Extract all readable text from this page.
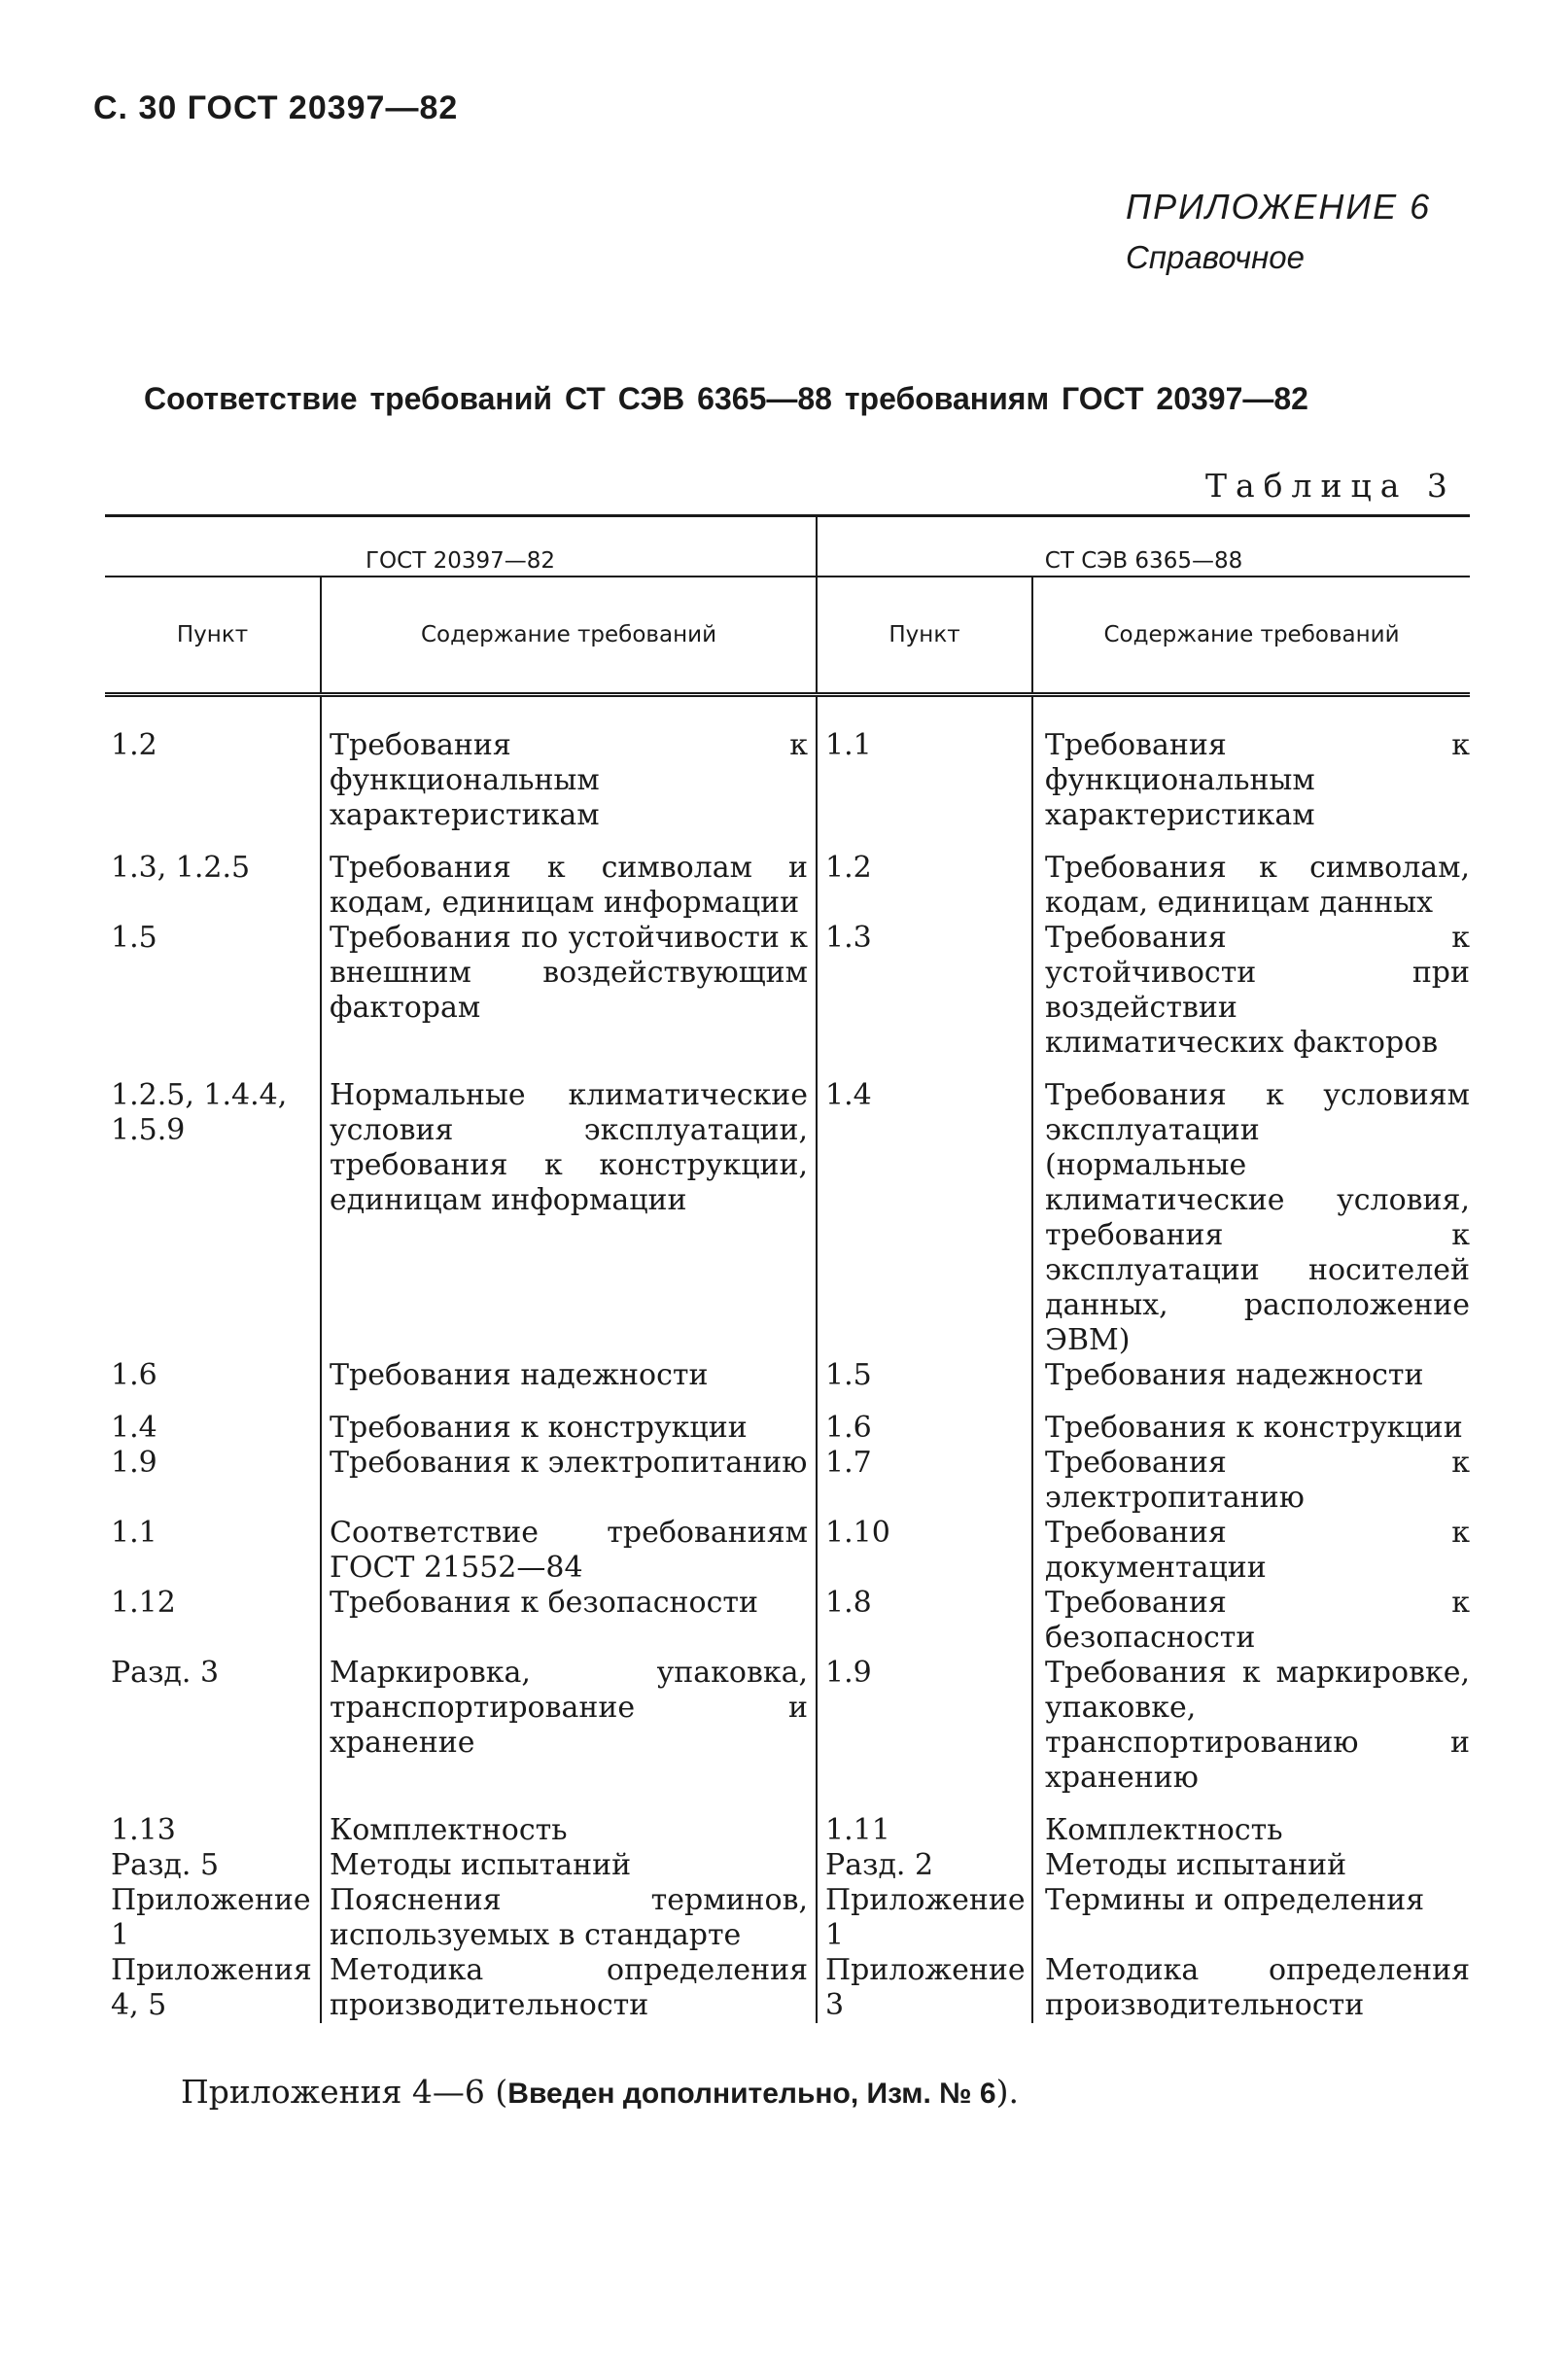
С. 30 ГОСТ 20397—82
ПРИЛОЖЕНИЕ 6
Справочное
Соответствие требований СТ СЭВ 6365—88 требованиям ГОСТ 20397—82
Таблица 3
ГОСТ 20397—82		СТ СЭВ 6365—88	
Пункт	Содержание требований	Пункт	Содержание требований
1.2	Требования к функциональным характеристикам	1.1	Требования к функциональным характеристикам
1.3, 1.2.5	Требования к символам и кодам, единицам информации	1.2	Требования к символам, кодам, единицам данных
1.5	Требования по устойчивости к внешним воздействующим факторам	1.3	Требования к устойчивости при воздействии климатических факторов
1.2.5, 1.4.4, 1.5.9	Нормальные климатические условия эксплуатации, требования к конструкции, единицам информации	1.4	Требования к условиям эксплуатации (нормальные климатические условия, требования к эксплуатации носителей данных, расположение ЭВМ)
1.6	Требования надежности	1.5	Требования надежности
1.4	Требования к конструкции	1.6	Требования к конструкции
1.9	Требования к электропитанию	1.7	Требования к электропитанию
1.1	Соответствие требованиям ГОСТ 21552—84	1.10	Требования к документации
1.12	Требования к безопасности	1.8	Требования к безопасности
Разд. 3	Маркировка, упаковка, транспортирование и хранение	1.9	Требования к маркировке, упаковке, транспортированию и хранению
1.13	Комплектность	1.11	Комплектность
Разд. 5	Методы испытаний	Разд. 2	Методы испытаний
Приложение 1	Пояснения терминов, используемых в стандарте	Приложение 1	Термины и определения
Приложения 4, 5	Методика определения производительности	Приложение 3	Методика определения производительности
Приложения 4—6 (Введен дополнительно, Изм. № 6).
